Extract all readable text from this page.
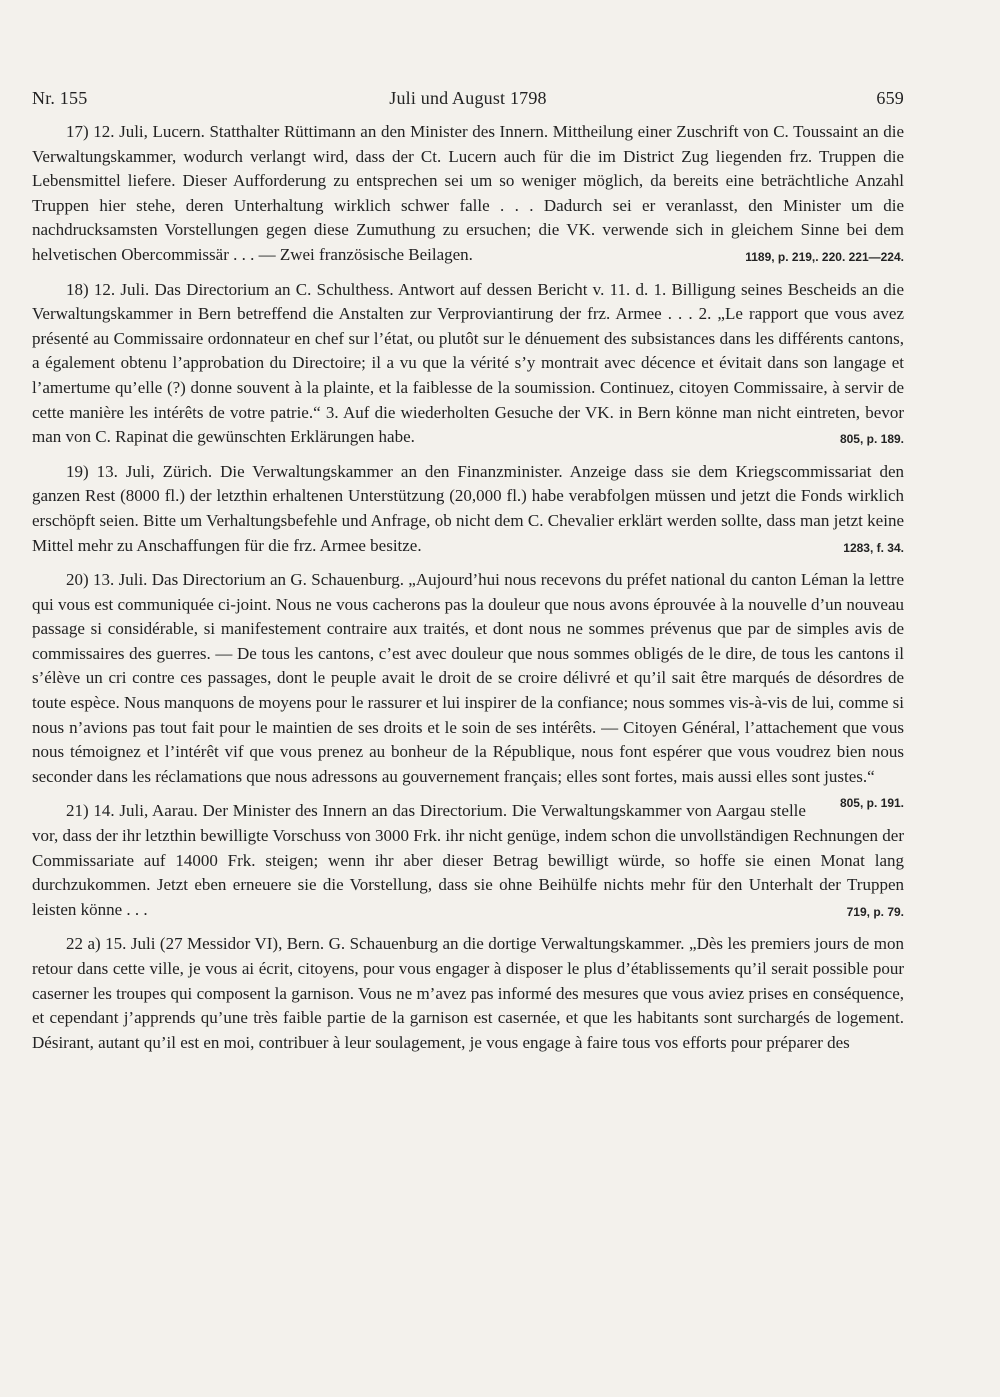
Nr. 155	Juli und August 1798	659

17) 12. Juli, Lucern. Statthalter Rüttimann an den Minister des Innern. Mittheilung einer Zuschrift von C. Toussaint an die Verwaltungskammer, wodurch verlangt wird, dass der Ct. Lucern auch für die im District Zug liegenden frz. Truppen die Lebensmittel liefere. Dieser Aufforderung zu entsprechen sei um so weniger möglich, da bereits eine beträchtliche Anzahl Truppen hier stehe, deren Unterhaltung wirklich schwer falle . . . Dadurch sei er veranlasst, den Minister um die nachdrucksamsten Vorstellungen gegen diese Zumuthung zu ersuchen; die VK. verwende sich in gleichem Sinne bei dem helvetischen Obercommissär . . . — Zwei französische Beilagen.	1189, p. 219,. 220. 221—224.

18) 12. Juli. Das Directorium an C. Schulthess. Antwort auf dessen Bericht v. 11. d. 1. Billigung seines Bescheids an die Verwaltungskammer in Bern betreffend die Anstalten zur Verproviantirung der frz. Armee . . . 2. „Le rapport que vous avez présenté au Commissaire ordonnateur en chef sur l’état, ou plutôt sur le dénuement des subsistances dans les différents cantons, a également obtenu l’approbation du Directoire; il a vu que la vérité s’y montrait avec décence et évitait dans son langage et l’amertume qu’elle (?) donne souvent à la plainte, et la faiblesse de la soumission. Continuez, citoyen Commissaire, à servir de cette manière les intérêts de votre patrie.“ 3. Auf die wiederholten Gesuche der VK. in Bern könne man nicht eintreten, bevor man von C. Rapinat die gewünschten Erklärungen habe.	805, p. 189.

19) 13. Juli, Zürich. Die Verwaltungskammer an den Finanzminister. Anzeige dass sie dem Kriegscommissariat den ganzen Rest (8000 fl.) der letzthin erhaltenen Unterstützung (20,000 fl.) habe verabfolgen müssen und jetzt die Fonds wirklich erschöpft seien. Bitte um Verhaltungsbefehle und Anfrage, ob nicht dem C. Chevalier erklärt werden sollte, dass man jetzt keine Mittel mehr zu Anschaffungen für die frz. Armee besitze.	1283, f. 34.

20) 13. Juli. Das Directorium an G. Schauenburg. „Aujourd’hui nous recevons du préfet national du canton Léman la lettre qui vous est communiquée ci-joint. Nous ne vous cacherons pas la douleur que nous avons éprouvée à la nouvelle d’un nouveau passage si considérable, si manifestement contraire aux traités, et dont nous ne sommes prévenus que par de simples avis de commissaires des guerres. — De tous les cantons, c’est avec douleur que nous sommes obligés de le dire, de tous les cantons il s’élève un cri contre ces passages, dont le peuple avait le droit de se croire délivré et qu’il sait être marqués de désordres de toute espèce. Nous manquons de moyens pour le rassurer et lui inspirer de la confiance; nous sommes vis-à-vis de lui, comme si nous n’avions pas tout fait pour le maintien de ses droits et le soin de ses intérêts. — Citoyen Général, l’attachement que vous nous témoignez et l’intérêt vif que vous prenez au bonheur de la République, nous font espérer que vous voudrez bien nous seconder dans les réclamations que nous adressons au gouvernement français; elles sont fortes, mais aussi elles sont justes.“
805, p. 191.

21) 14. Juli, Aarau. Der Minister des Innern an das Directorium. Die Verwaltungskammer von Aargau stelle vor, dass der ihr letzthin bewilligte Vorschuss von 3000 Frk. ihr nicht genüge, indem schon die unvollständigen Rechnungen der Commissariate auf 14000 Frk. steigen; wenn ihr aber dieser Betrag bewilligt würde, so hoffe sie einen Monat lang durchzukommen. Jetzt eben erneuere sie die Vorstellung, dass sie ohne Beihülfe nichts mehr für den Unterhalt der Truppen leisten könne . . .	719, p. 79.

22 a) 15. Juli (27 Messidor VI), Bern. G. Schauenburg an die dortige Verwaltungskammer. „Dès les premiers jours de mon retour dans cette ville, je vous ai écrit, citoyens, pour vous engager à disposer le plus d’établissements qu’il serait possible pour caserner les troupes qui composent la garnison. Vous ne m’avez pas informé des mesures que vous aviez prises en conséquence, et cependant j’apprends qu’une très faible partie de la garnison est casernée, et que les habitants sont surchargés de logement. Désirant, autant qu’il est en moi, contribuer à leur soulagement, je vous engage à faire tous vos efforts pour préparer des
